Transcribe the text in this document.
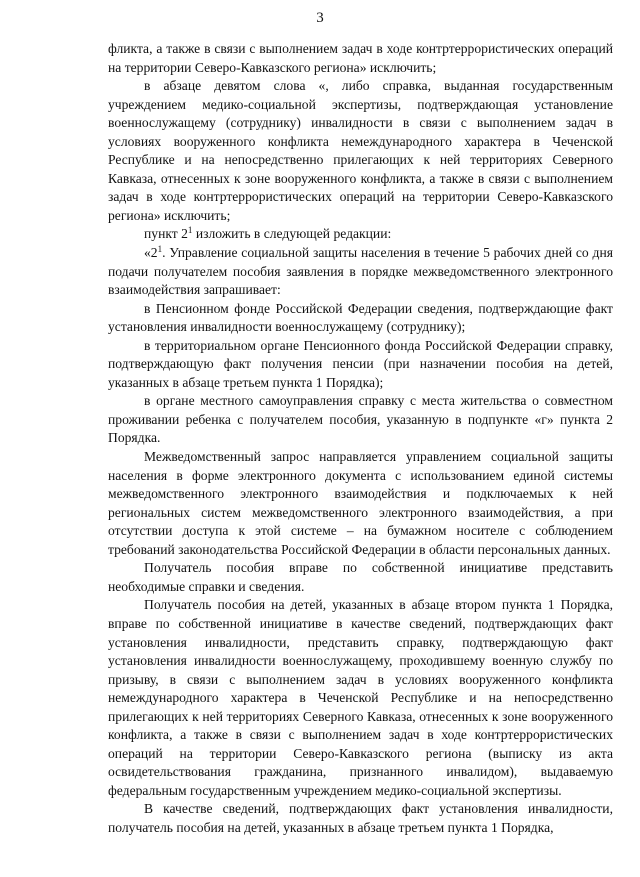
3

фликта, а также в связи с выполнением задач в ходе контртеррористических операций на территории Северо-Кавказского региона» исключить;

в абзаце девятом слова «, либо справка, выданная государственным учреждением медико-социальной экспертизы, подтверждающая установление военнослужащему (сотруднику) инвалидности в связи с выполнением задач в условиях вооруженного конфликта немеждународного характера в Чеченской Республике и на непосредственно прилегающих к ней территориях Северного Кавказа, отнесенных к зоне вооруженного конфликта, а также в связи с выполнением задач в ходе контртеррористических операций на территории Северо-Кавказского региона» исключить;

пункт $2^1$ изложить в следующей редакции:

«$2^1$. Управление социальной защиты населения в течение 5 рабочих дней со дня подачи получателем пособия заявления в порядке межведомственного электронного взаимодействия запрашивает:

в Пенсионном фонде Российской Федерации сведения, подтверждающие факт установления инвалидности военнослужащему (сотруднику);

в территориальном органе Пенсионного фонда Российской Федерации справку, подтверждающую факт получения пенсии (при назначении пособия на детей, указанных в абзаце третьем пункта 1 Порядка);

в органе местного самоуправления справку с места жительства о совместном проживании ребенка с получателем пособия, указанную в подпункте «г» пункта 2 Порядка.

Межведомственный запрос направляется управлением социальной защиты населения в форме электронного документа с использованием единой системы межведомственного электронного взаимодействия и подключаемых к ней региональных систем межведомственного электронного взаимодействия, а при отсутствии доступа к этой системе – на бумажном носителе с соблюдением требований законодательства Российской Федерации в области персональных данных.

Получатель пособия вправе по собственной инициативе представить необходимые справки и сведения.

Получатель пособия на детей, указанных в абзаце втором пункта 1 Порядка, вправе по собственной инициативе в качестве сведений, подтверждающих факт установления инвалидности, представить справку, подтверждающую факт установления инвалидности военнослужащему, проходившему военную службу по призыву, в связи с выполнением задач в условиях вооруженного конфликта немеждународного характера в Чеченской Республике и на непосредственно прилегающих к ней территориях Северного Кавказа, отнесенных к зоне вооруженного конфликта, а также в связи с выполнением задач в ходе контртеррористических операций на территории Северо-Кавказского региона (выписку из акта освидетельствования гражданина, признанного инвалидом), выдаваемую федеральным государственным учреждением медико-социальной экспертизы.

В качестве сведений, подтверждающих факт установления инвалидности, получатель пособия на детей, указанных в абзаце третьем пункта 1 Порядка,
